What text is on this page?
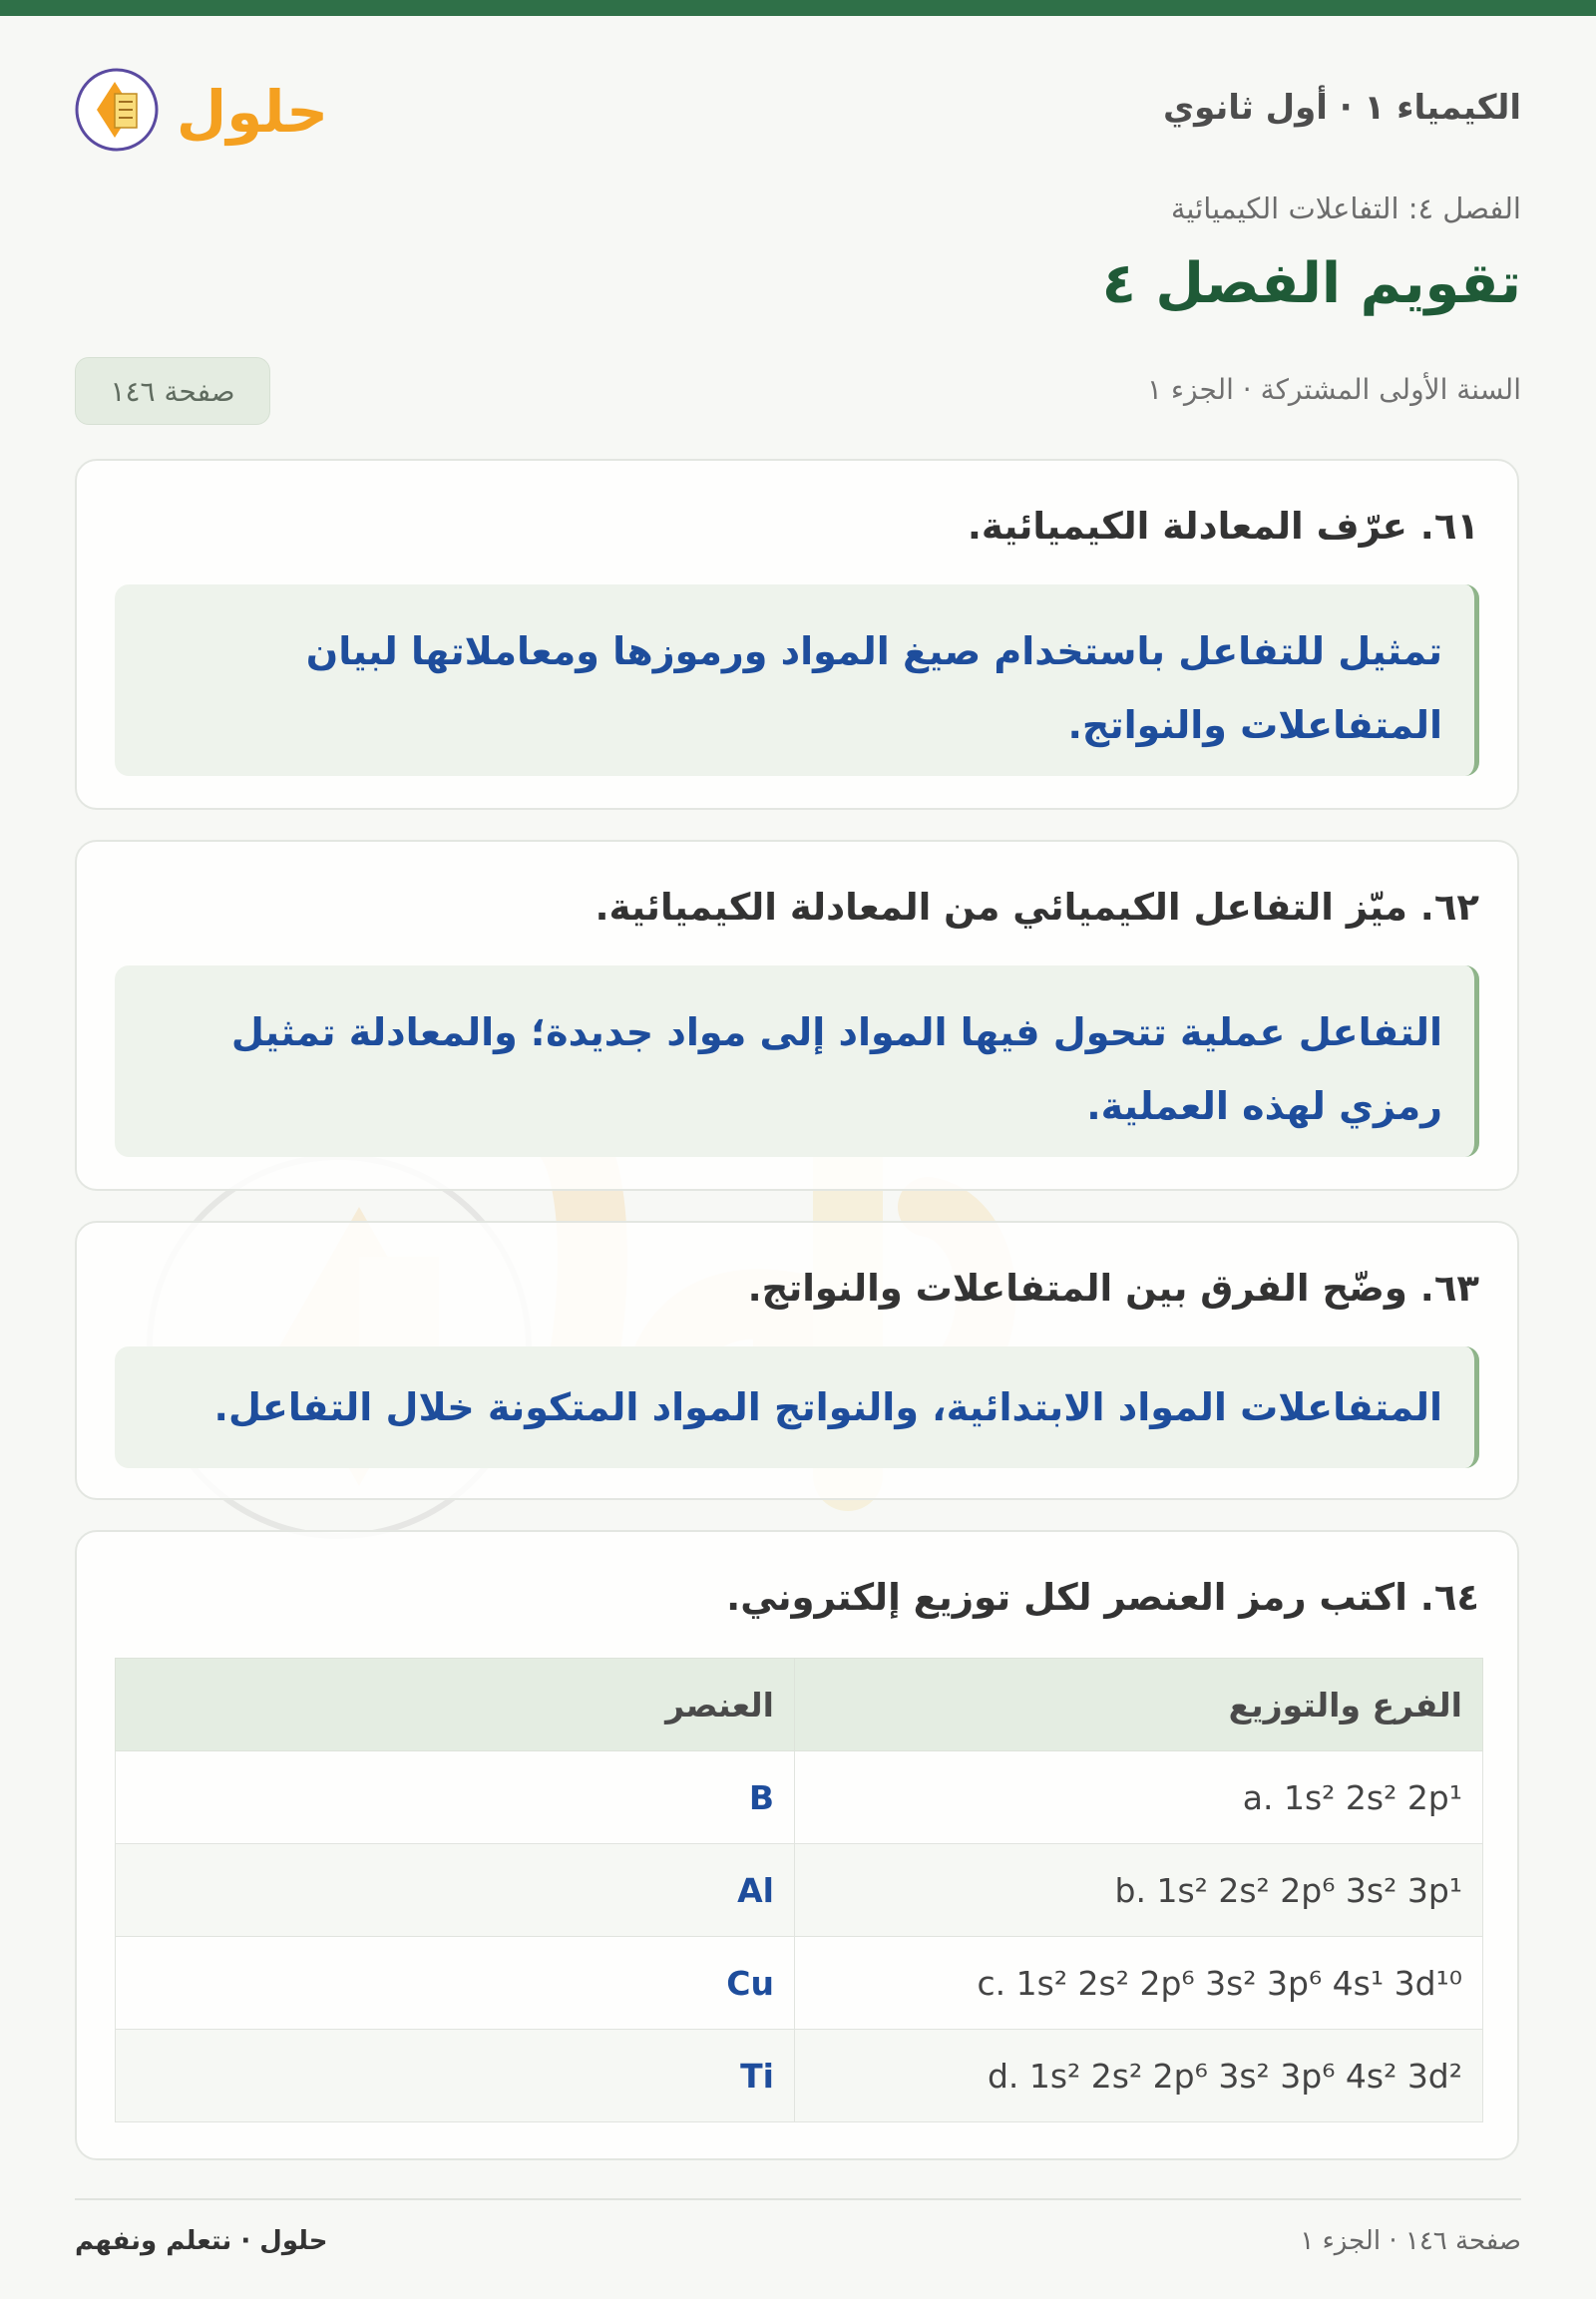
الكيمياء ١ · أول ثانوي
حلول
الفصل ٤: التفاعلات الكيميائية
تقويم الفصل ٤
السنة الأولى المشتركة · الجزء ١
صفحة ١٤٦
٦١. عرّف المعادلة الكيميائية.
تمثيل للتفاعل باستخدام صيغ المواد ورموزها ومعاملاتها لبيان
المتفاعلات والنواتج.
٦٢. ميّز التفاعل الكيميائي من المعادلة الكيميائية.
التفاعل عملية تتحول فيها المواد إلى مواد جديدة؛ والمعادلة تمثيل
رمزي لهذه العملية.
٦٣. وضّح الفرق بين المتفاعلات والنواتج.
المتفاعلات المواد الابتدائية، والنواتج المواد المتكونة خلال التفاعل.
٦٤. اكتب رمز العنصر لكل توزيع إلكتروني.
الفرع والتوزيع	العنصر
a. 1s² 2s² 2p¹	B
b. 1s² 2s² 2p⁶ 3s² 3p¹	Al
c. 1s² 2s² 2p⁶ 3s² 3p⁶ 4s¹ 3d¹⁰	Cu
d. 1s² 2s² 2p⁶ 3s² 3p⁶ 4s² 3d²	Ti
صفحة ١٤٦ · الجزء ١
حلول · نتعلم ونفهم
